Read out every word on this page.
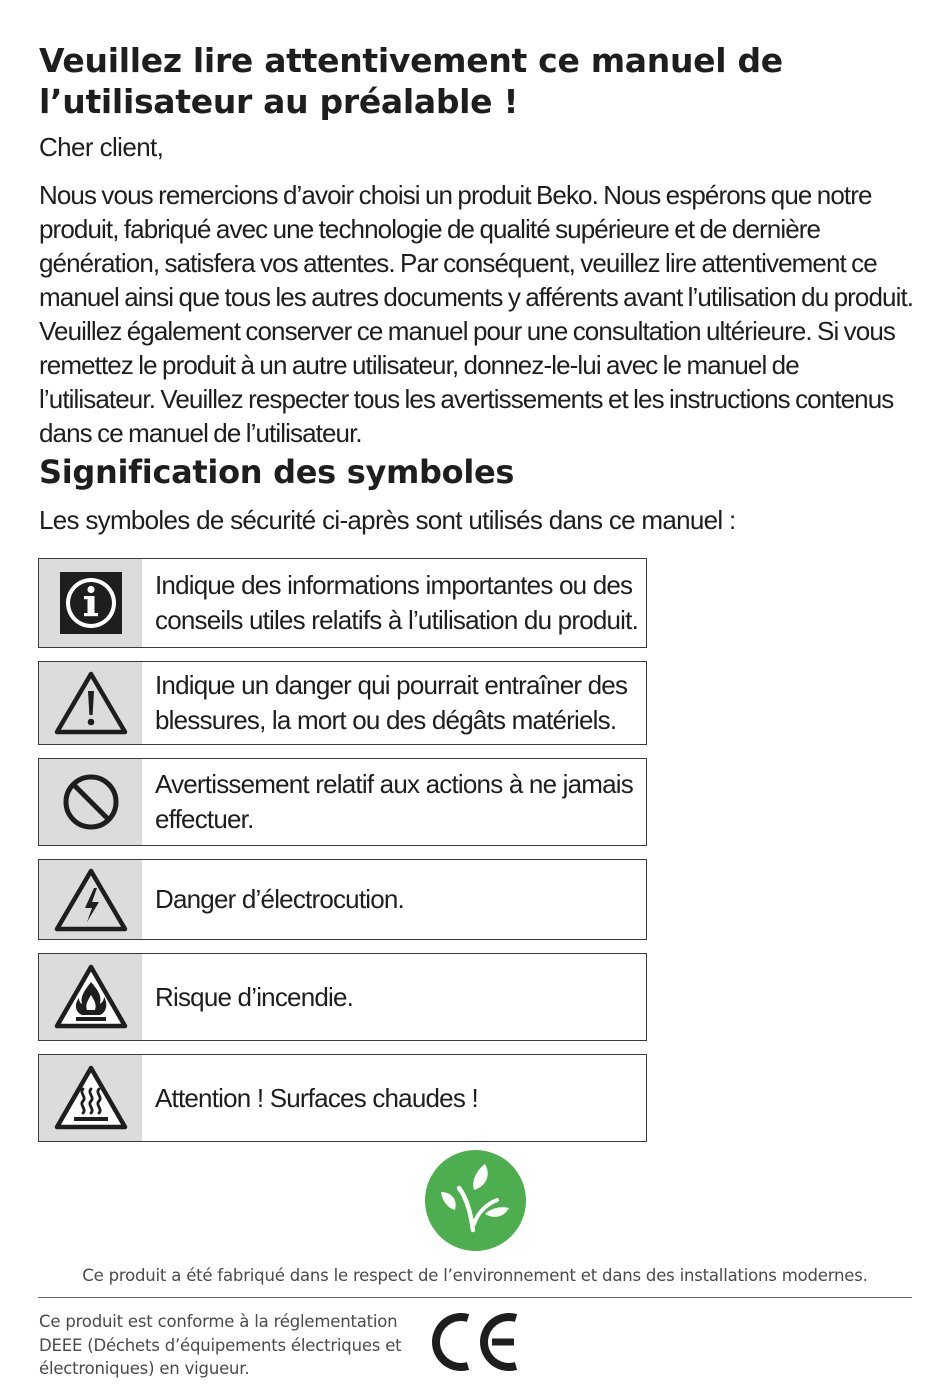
Veuillez lire attentivement ce manuel de l’utilisateur au préalable !

Cher client,

Nous vous remercions d’avoir choisi un produit Beko. Nous espérons que notre produit, fabriqué avec une technologie de qualité supérieure et de dernière génération, satisfera vos attentes. Par conséquent, veuillez lire attentivement ce manuel ainsi que tous les autres documents y afférents avant l’utilisation du produit. Veuillez également conserver ce manuel pour une consultation ultérieure. Si vous remettez le produit à un autre utilisateur, donnez-le-lui avec le manuel de l’utilisateur. Veuillez respecter tous les avertissements et les instructions contenus dans ce manuel de l’utilisateur.

Signification des symboles

Les symboles de sécurité ci-après sont utilisés dans ce manuel :

Indique des informations importantes ou des conseils utiles relatifs à l’utilisation du produit.
Indique un danger qui pourrait entraîner des blessures, la mort ou des dégâts matériels.
Avertissement relatif aux actions à ne jamais effectuer.
Danger d’électrocution.
Risque d’incendie.
Attention ! Surfaces chaudes !

Ce produit a été fabriqué dans le respect de l’environnement et dans des installations modernes.

Ce produit est conforme à la réglementation DEEE (Déchets d’équipements électriques et électroniques) en vigueur.
